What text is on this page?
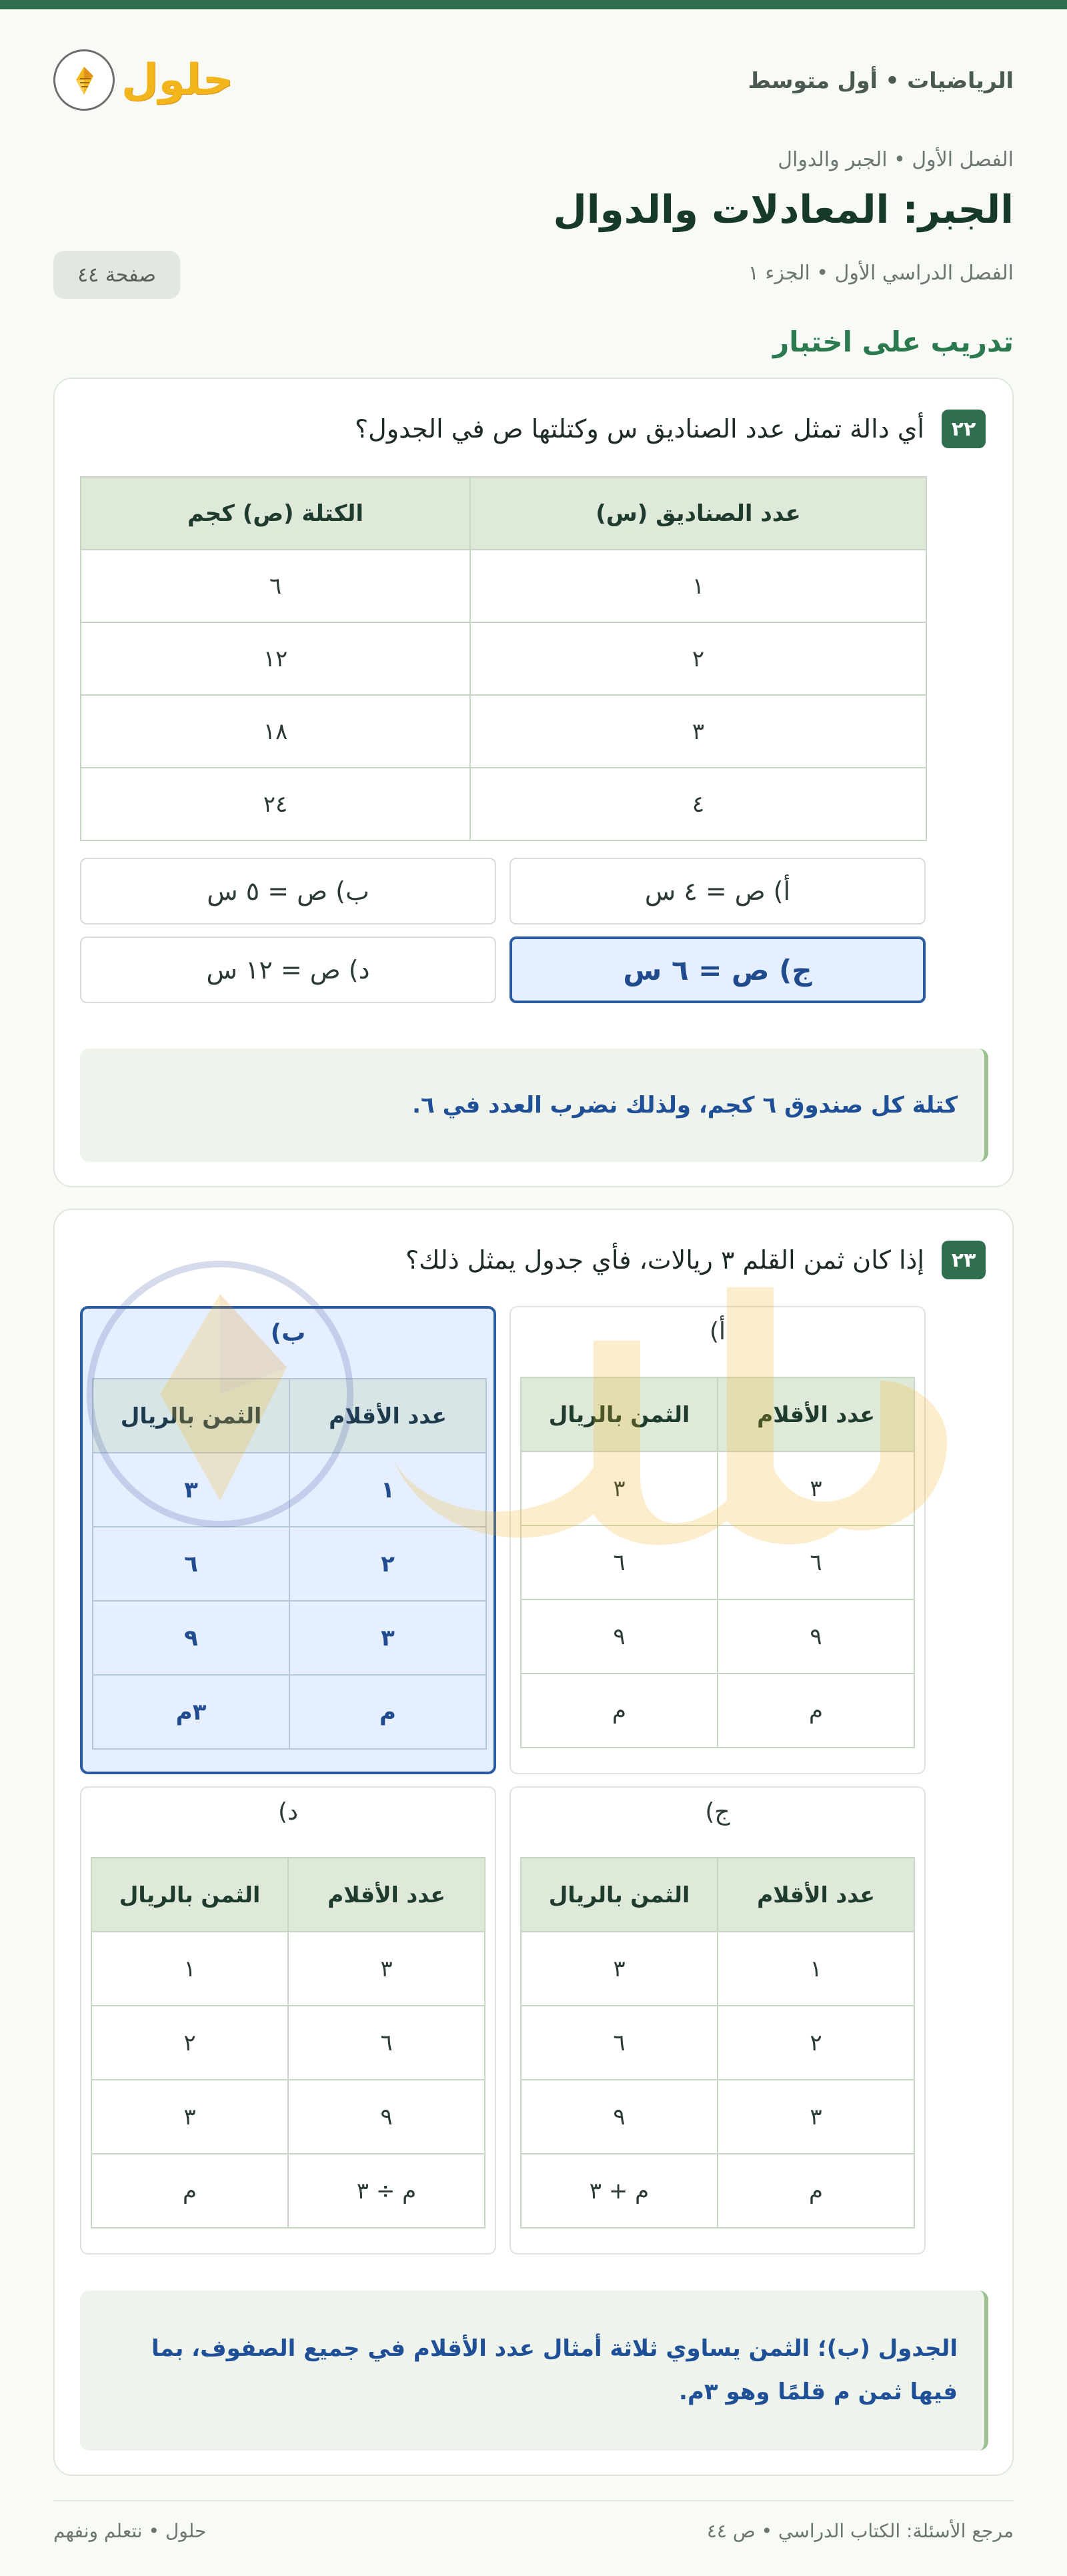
الرياضيات • أول متوسط
حلول
الفصل الأول • الجبر والدوال
الجبر: المعادلات والدوال
الفصل الدراسي الأول • الجزء ١
صفحة ٤٤
تدريب على اختبار
٢٢
أي دالة تمثل عدد الصناديق س وكتلتها ص في الجدول؟
عدد الصناديق (س)	الكتلة (ص) كجم
١	٦
٢	١٢
٣	١٨
٤	٢٤
أ) ص = ٤ س
ب) ص = ٥ س
ج) ص = ٦ س
د) ص = ١٢ س
كتلة كل صندوق ٦ كجم، ولذلك نضرب العدد في ٦.
٢٣
إذا كان ثمن القلم ٣ ريالات، فأي جدول يمثل ذلك؟
أ)
عدد الأقلام	الثمن بالريال
٣	٣
٦	٦
٩	٩
م	م
ب)
عدد الأقلام	الثمن بالريال
١	٣
٢	٦
٣	٩
م	٣م
ج)
عدد الأقلام	الثمن بالريال
١	٣
٢	٦
٣	٩
م	م + ٣
د)
عدد الأقلام	الثمن بالريال
٣	١
٦	٢
٩	٣
م ÷ ٣	م
الجدول (ب)؛ الثمن يساوي ثلاثة أمثال عدد الأقلام في جميع الصفوف، بما فيها ثمن م قلمًا وهو ٣م.
مرجع الأسئلة: الكتاب الدراسي • ص ٤٤
حلول • نتعلم ونفهم
